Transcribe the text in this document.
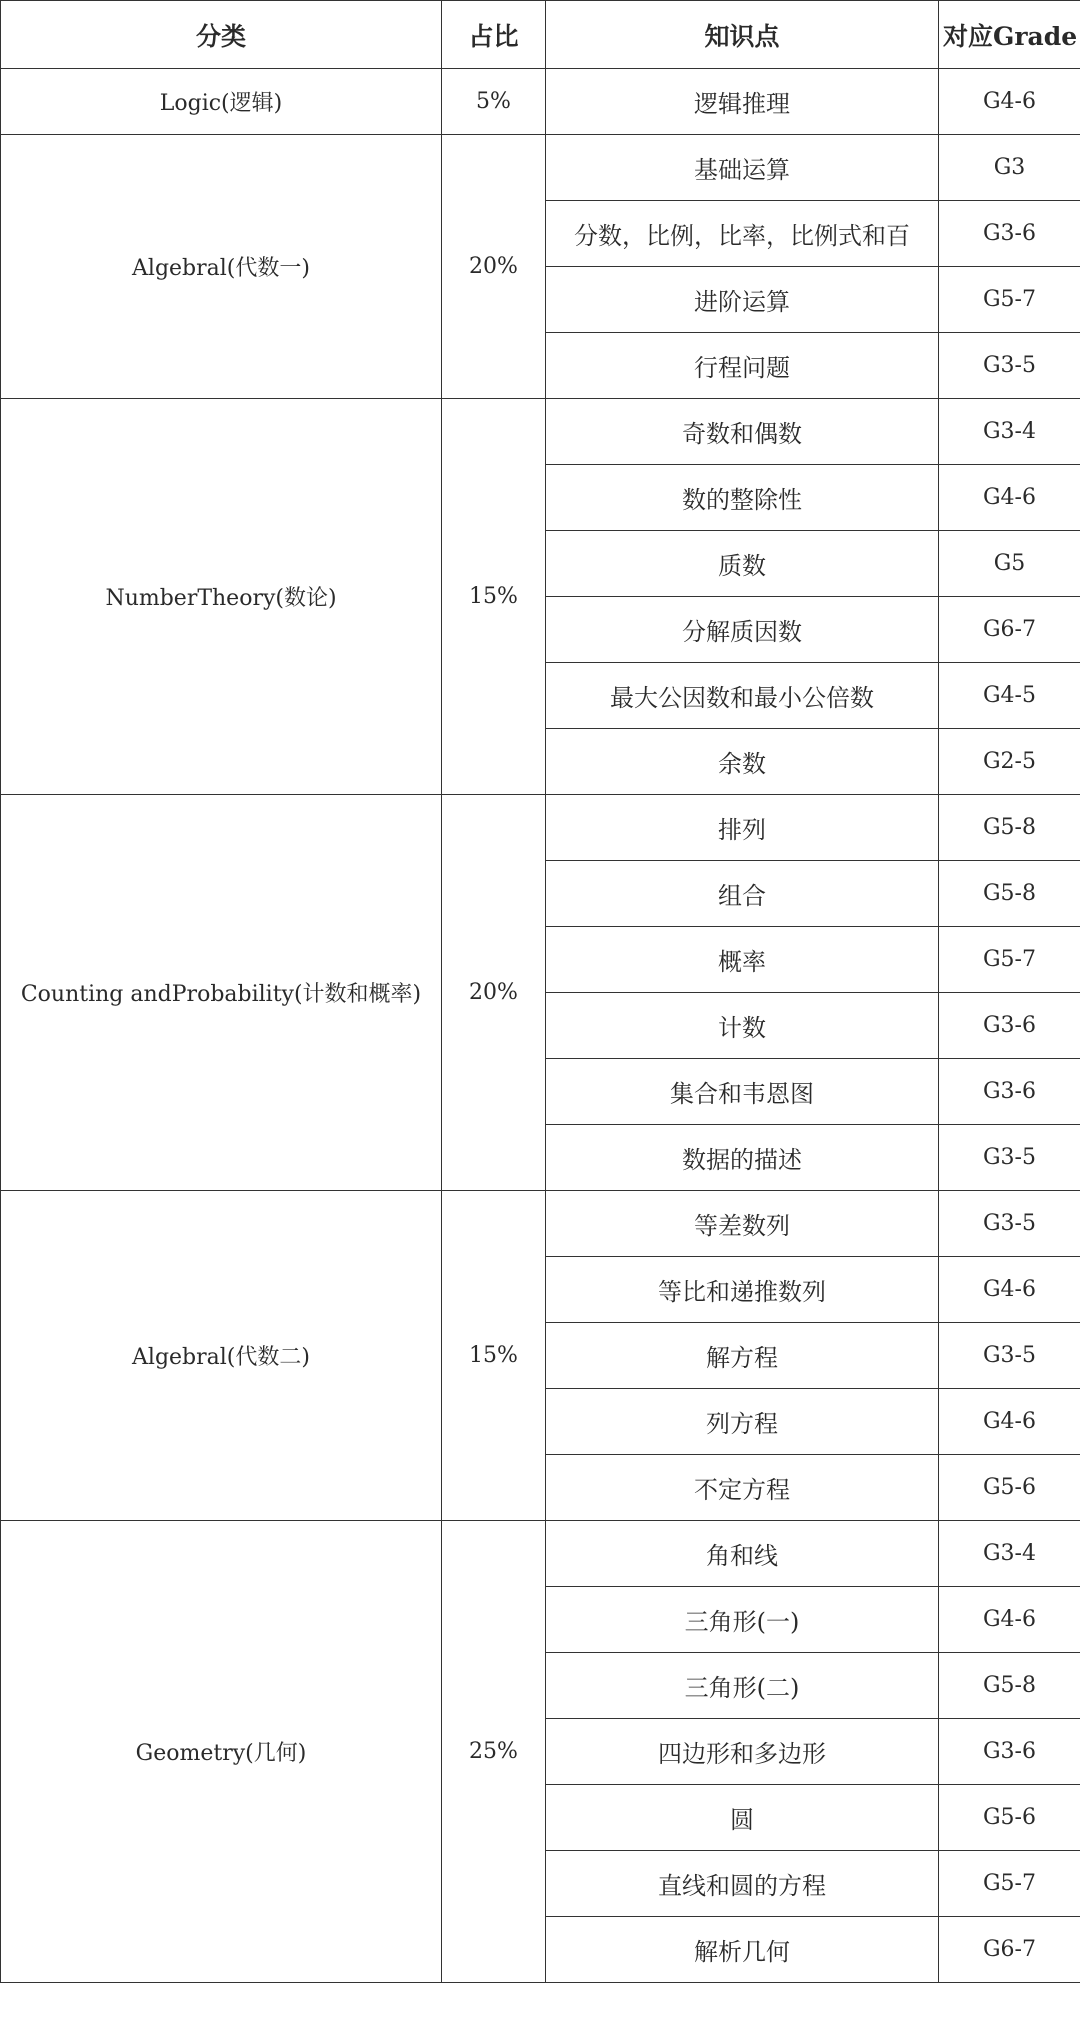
分类	占比	知识点	对应Grade
Logic(逻辑)	5%	逻辑推理	G4-6
Algebral(代数一)	20%	基础运算	G3
		分数，比例，比率，比例式和百	G3-6
		进阶运算	G5-7
		行程问题	G3-5
NumberTheory(数论)	15%	奇数和偶数	G3-4
		数的整除性	G4-6
		质数	G5
		分解质因数	G6-7
		最大公因数和最小公倍数	G4-5
		余数	G2-5
Counting andProbability(计数和概率)	20%	排列	G5-8
		组合	G5-8
		概率	G5-7
		计数	G3-6
		集合和韦恩图	G3-6
		数据的描述	G3-5
Algebral(代数二)	15%	等差数列	G3-5
		等比和递推数列	G4-6
		解方程	G3-5
		列方程	G4-6
		不定方程	G5-6
Geometry(几何)	25%	角和线	G3-4
		三角形(一)	G4-6
		三角形(二)	G5-8
		四边形和多边形	G3-6
		圆	G5-6
		直线和圆的方程	G5-7
		解析几何	G6-7
